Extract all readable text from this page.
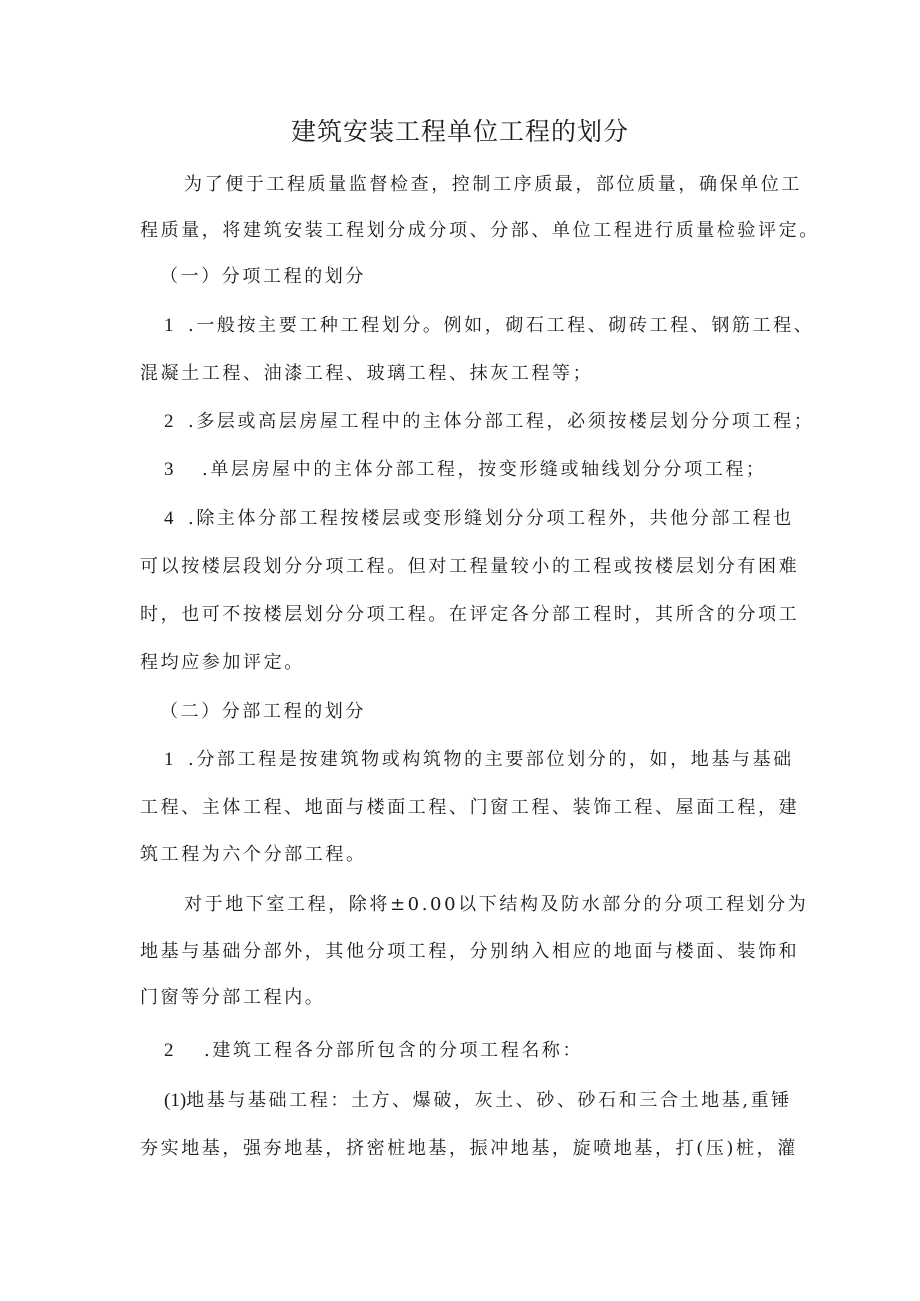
建筑安装工程单位工程的划分
为了便于工程质量监督检查，控制工序质最，部位质量，确保单位工
程质量，将建筑安装工程划分成分项、分部、单位工程进行质量检验评定。
（一）分项工程的划分
1 .一般按主要工种工程划分。例如，砌石工程、砌砖工程、钢筋工程、
混凝土工程、油漆工程、玻璃工程、抹灰工程等；
2 .多层或高层房屋工程中的主体分部工程，必须按楼层划分分项工程；
3 .单层房屋中的主体分部工程，按变形缝或轴线划分分项工程；
4 .除主体分部工程按楼层或变形缝划分分项工程外，共他分部工程也
可以按楼层段划分分项工程。但对工程量较小的工程或按楼层划分有困难
时，也可不按楼层划分分项工程。在评定各分部工程时，其所含的分项工
程均应参加评定。
（二）分部工程的划分
1 .分部工程是按建筑物或构筑物的主要部位划分的，如，地基与基础
工程、主体工程、地面与楼面工程、门窗工程、装饰工程、屋面工程，建
筑工程为六个分部工程。
对于地下室工程，除将±0.00以下结构及防水部分的分项工程划分为
地基与基础分部外，其他分项工程，分别纳入相应的地面与楼面、装饰和
门窗等分部工程内。
2 .建筑工程各分部所包含的分项工程名称：
(1)地基与基础工程：土方、爆破，灰土、砂、砂石和三合土地基,重锤
夯实地基，强夯地基，挤密桩地基，振冲地基，旋喷地基，打(压)桩，灌
